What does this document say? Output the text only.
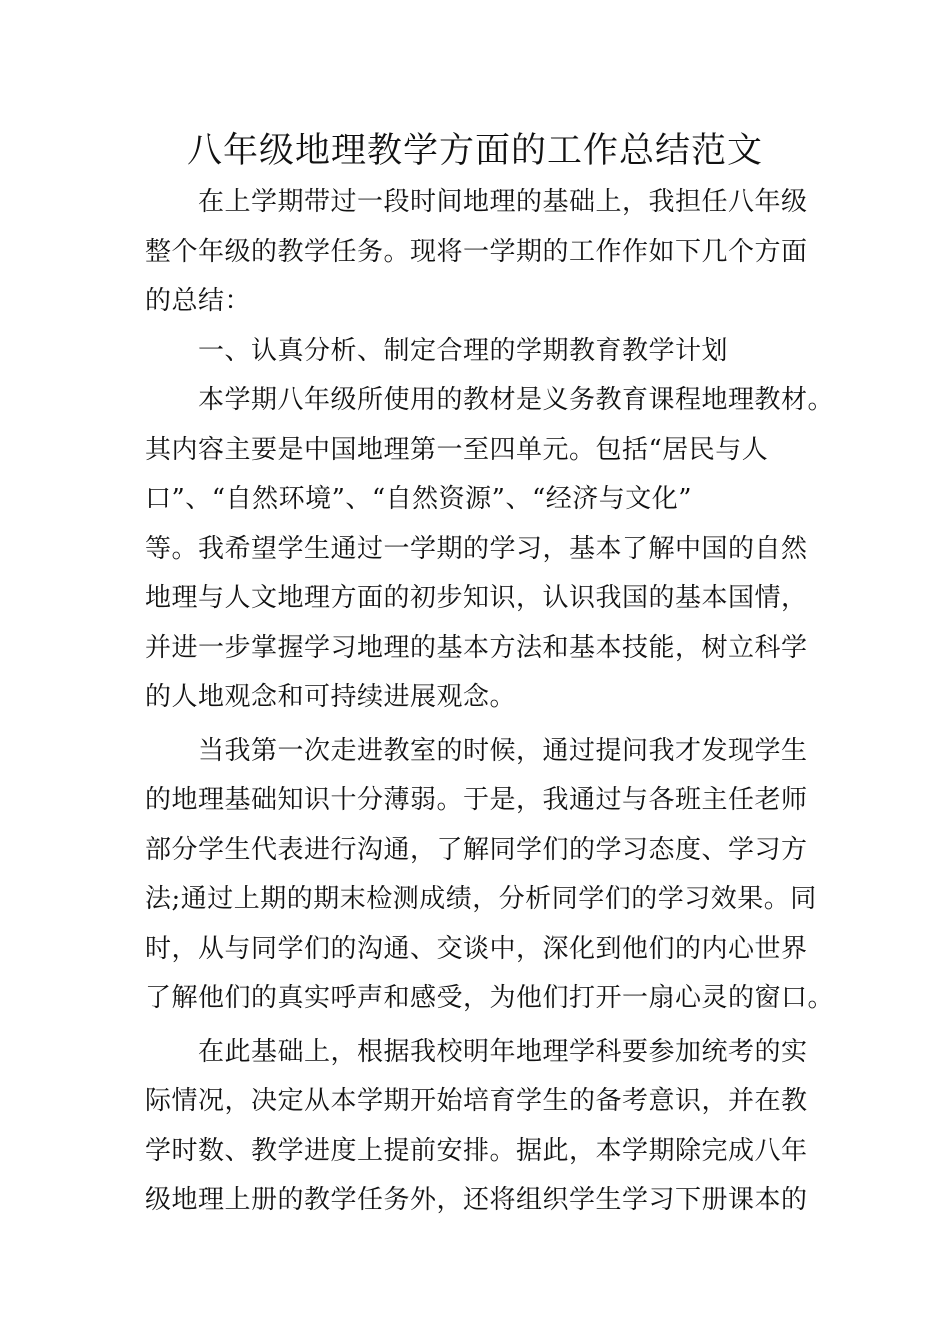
八年级地理教学方面的工作总结范文
在上学期带过一段时间地理的基础上，我担任八年级
整个年级的教学任务。现将一学期的工作作如下几个方面
的总结：
一、认真分析、制定合理的学期教育教学计划
本学期八年级所使用的教材是义务教育课程地理教材。
其内容主要是中国地理第一至四单元。包括“居民与人
口”、“自然环境”、“自然资源”、“经济与文化”
等。我希望学生通过一学期的学习，基本了解中国的自然
地理与人文地理方面的初步知识，认识我国的基本国情，
并进一步掌握学习地理的基本方法和基本技能，树立科学
的人地观念和可持续进展观念。
当我第一次走进教室的时候，通过提问我才发现学生
的地理基础知识十分薄弱。于是，我通过与各班主任老师
部分学生代表进行沟通，了解同学们的学习态度、学习方
法;通过上期的期末检测成绩，分析同学们的学习效果。同
时，从与同学们的沟通、交谈中，深化到他们的内心世界
了解他们的真实呼声和感受，为他们打开一扇心灵的窗口。
在此基础上，根据我校明年地理学科要参加统考的实
际情况，决定从本学期开始培育学生的备考意识，并在教
学时数、教学进度上提前安排。据此，本学期除完成八年
级地理上册的教学任务外，还将组织学生学习下册课本的
